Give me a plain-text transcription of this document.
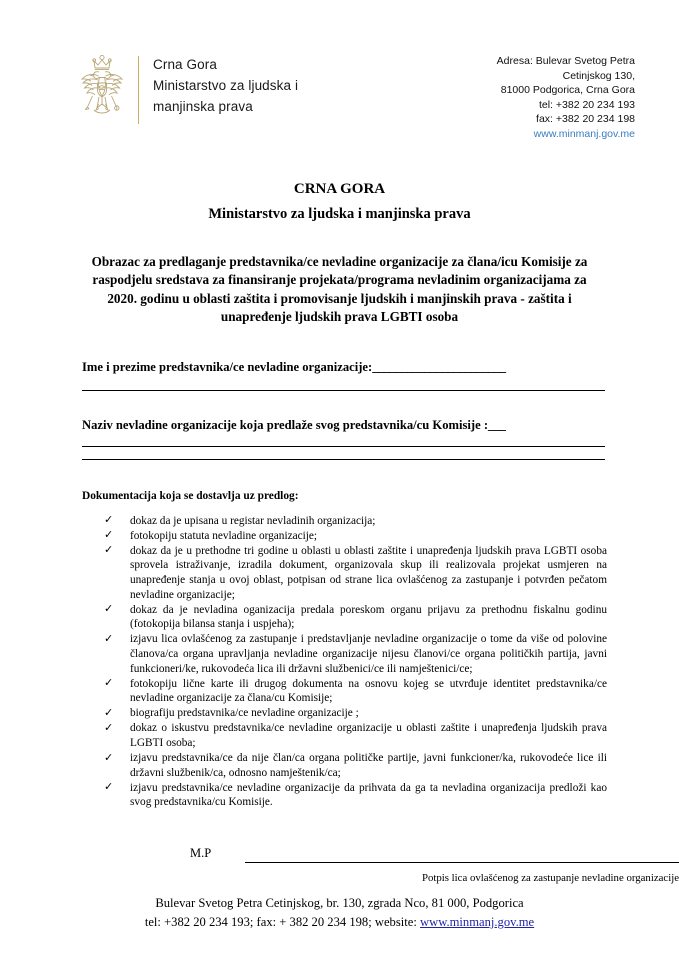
Crna Gora
Ministarstvo za ljudska i
manjinska prava
Adresa: Bulevar Svetog Petra
Cetinjskog 130,
81000 Podgorica, Crna Gora
tel: +382 20 234 193
fax: +382 20 234 198
www.minmanj.gov.me
CRNA GORA
Ministarstvo za ljudska i manjinska prava
Obrazac za predlaganje predstavnika/ce nevladine organizacije za člana/icu Komisije za raspodjelu sredstava za finansiranje projekata/programa nevladinim organizacijama za 2020. godinu u oblasti zaštita i promovisanje ljudskih i manjinskih prava - zaštita i unapređenje ljudskih prava LGBTI osoba
Ime i prezime predstavnika/ce nevladine organizacije:_______________________
Naziv nevladine organizacije koja predlaže svog predstavnika/cu Komisije :___
Dokumentacija koja se dostavlja uz predlog:
✓ dokaz da je upisana u registar nevladinih organizacija;
✓ fotokopiju statuta nevladine organizacije;
✓ dokaz da je u prethodne tri godine u oblasti u oblasti zaštite i unapređenja ljudskih prava LGBTI osoba sprovela istraživanje, izradila dokument, organizovala skup ili realizovala projekat usmjeren na unapređenje stanja u ovoj oblast, potpisan od strane lica ovlašćenog za zastupanje i potvrđen pečatom nevladine organizacije;
✓ dokaz da je nevladina oganizacija predala poreskom organu prijavu za prethodnu fiskalnu godinu (fotokopija bilansa stanja i uspjeha);
✓ izjavu lica ovlašćenog za zastupanje i predstavljanje nevladine organizacije o tome da više od polovine članova/ca organa upravljanja nevladine organizacije nijesu članovi/ce organa političkih partija, javni funkcioneri/ke, rukovodeća lica ili državni službenici/ce ili namještenici/ce;
✓ fotokopiju lične karte ili drugog dokumenta na osnovu kojeg se utvrđuje identitet predstavnika/ce nevladine organizacije za člana/cu Komisije;
✓ biografiju predstavnika/ce nevladine organizacije ;
✓ dokaz o iskustvu predstavnika/ce nevladine organizacije u oblasti zaštite i unapređenja ljudskih prava LGBTI osoba;
✓ izjavu predstavnika/ce da nije član/ca organa političke partije, javni funkcioner/ka, rukovodeće lice ili državni službenik/ca, odnosno namještenik/ca;
✓ izjavu predstavnika/ce nevladine organizacije da prihvata da ga ta nevladina organizacija predloži kao svog predstavnika/cu Komisije.
M.P
Potpis lica ovlašćenog za zastupanje nevladine organizacije
Bulevar Svetog Petra Cetinjskog, br. 130, zgrada Nco, 81 000, Podgorica
tel: +382 20 234 193; fax: + 382 20 234 198; website: www.minmanj.gov.me
